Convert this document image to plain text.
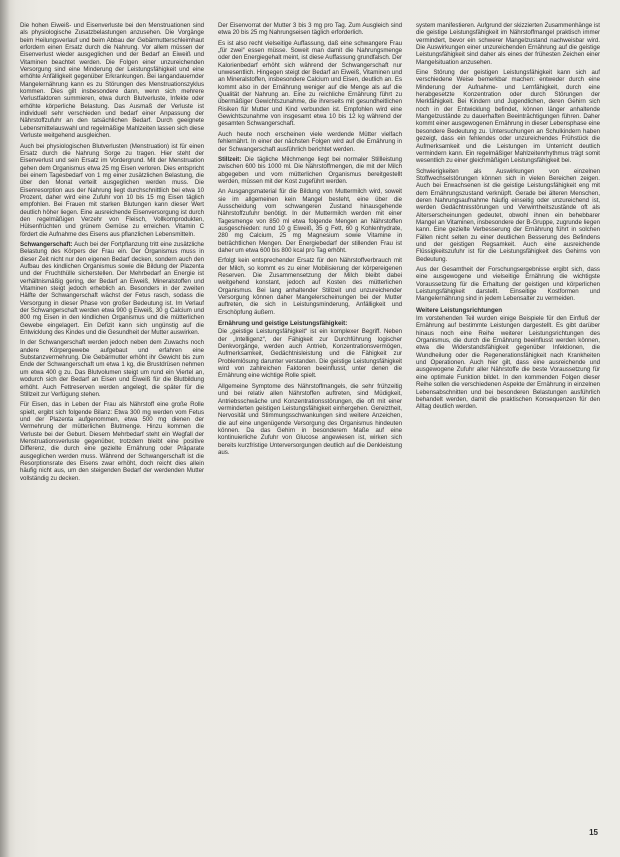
Die hohen Eiweiß- und Eisenverluste bei den Menstruationen sind als physiologische Zusatzbelastungen anzusehen. Die Vorgänge beim Heilungsverlauf und beim Abbau der Gebärmutterschleimhaut erfordern einen Ersatz durch die Nahrung. Vor allem müssen der Eisenverlust wieder ausgeglichen und der Bedarf an Eiweiß und Vitaminen beachtet werden. Die Folgen einer unzureichenden Versorgung sind eine Minderung der Leistungsfähigkeit und eine erhöhte Anfälligkeit gegenüber Erkrankungen. Bei langandauernder Mangelernährung kann es zu Störungen des Menstruationszyklus kommen. Dies gilt insbesondere dann, wenn sich mehrere Verlustfaktoren summieren, etwa durch Blutverluste, Infekte oder erhöhte körperliche Belastung. Das Ausmaß der Verluste ist individuell sehr verschieden und bedarf einer Anpassung der Nährstoffzufuhr an den tatsächlichen Bedarf. Durch geeignete Lebensmittelauswahl und regelmäßige Mahlzeiten lassen sich diese Verluste weitgehend ausgleichen.

Auch bei physiologischen Blutverlusten (Menstruation) ist für einen Ersatz durch die Nahrung Sorge zu tragen. Hier steht der Eisenverlust und sein Ersatz im Vordergrund. Mit der Menstruation gehen dem Organismus etwa 25 mg Eisen verloren. Dies entspricht bei einem Tagesbedarf von 1 mg einer zusätzlichen Belastung, die über den Monat verteilt ausgeglichen werden muss. Die Eisenresorption aus der Nahrung liegt durchschnittlich bei etwa 10 Prozent, daher wird eine Zufuhr von 10 bis 15 mg Eisen täglich empfohlen. Bei Frauen mit starken Blutungen kann dieser Wert deutlich höher liegen. Eine ausreichende Eisenversorgung ist durch den regelmäßigen Verzehr von Fleisch, Vollkornprodukten, Hülsenfrüchten und grünem Gemüse zu erreichen. Vitamin C fördert die Aufnahme des Eisens aus pflanzlichen Lebensmitteln.

Schwangerschaft: Auch bei der Fortpflanzung tritt eine zusätzliche Belastung des Körpers der Frau ein. Der Organismus muss in dieser Zeit nicht nur den eigenen Bedarf decken, sondern auch den Aufbau des kindlichen Organismus sowie die Bildung der Plazenta und der Fruchthülle sicherstellen. Der Mehrbedarf an Energie ist verhältnismäßig gering, der Bedarf an Eiweiß, Mineralstoffen und Vitaminen steigt jedoch erheblich an. Besonders in der zweiten Hälfte der Schwangerschaft wächst der Fetus rasch, sodass die Versorgung in dieser Phase von großer Bedeutung ist. Im Verlauf der Schwangerschaft werden etwa 900 g Eiweiß, 30 g Calcium und 800 mg Eisen in den kindlichen Organismus und die mütterlichen Gewebe eingelagert. Ein Defizit kann sich ungünstig auf die Entwicklung des Kindes und die Gesundheit der Mutter auswirken.

In der Schwangerschaft werden jedoch neben dem Zuwachs noch andere Körpergewebe aufgebaut und erfahren eine Substanzvermehrung. Die Gebärmutter erhöht ihr Gewicht bis zum Ende der Schwangerschaft um etwa 1 kg, die Brustdrüsen nehmen um etwa 400 g zu. Das Blutvolumen steigt um rund ein Viertel an, wodurch sich der Bedarf an Eisen und Eiweiß für die Blutbildung erhöht. Auch Fettreserven werden angelegt, die später für die Stillzeit zur Verfügung stehen.

Für Eisen, das in Leben der Frau als Nährstoff eine große Rolle spielt, ergibt sich folgende Bilanz: Etwa 300 mg werden vom Fetus und der Plazenta aufgenommen, etwa 500 mg dienen der Vermehrung der mütterlichen Blutmenge. Hinzu kommen die Verluste bei der Geburt. Diesem Mehrbedarf steht ein Wegfall der Menstruationsverluste gegenüber, trotzdem bleibt eine positive Differenz, die durch eine gezielte Ernährung oder Präparate ausgeglichen werden muss. Während der Schwangerschaft ist die Resorptionsrate des Eisens zwar erhöht, doch reicht dies allein häufig nicht aus, um den steigenden Bedarf der werdenden Mutter vollständig zu decken.

Der Eisenvorrat der Mutter 3 bis 3 mg pro Tag. Zum Ausgleich sind etwa 20 bis 25 mg Nahrungseisen täglich erforderlich.

Es ist also recht vielseitige Auffassung, daß eine schwangere Frau „für zwei“ essen müsse. Soweit man damit die Nahrungsmenge oder den Energiegehalt meint, ist diese Auffassung grundfalsch. Der Kalorienbedarf erhöht sich während der Schwangerschaft nur unwesentlich. Hingegen steigt der Bedarf an Eiweiß, Vitaminen und an Mineralstoffen, insbesondere Calcium und Eisen, deutlich an. Es kommt also in der Ernährung weniger auf die Menge als auf die Qualität der Nahrung an. Eine zu reichliche Ernährung führt zu übermäßiger Gewichtszunahme, die ihrerseits mit gesundheitlichen Risiken für Mutter und Kind verbunden ist. Empfohlen wird eine Gewichtszunahme von insgesamt etwa 10 bis 12 kg während der gesamten Schwangerschaft.

Auch heute noch erscheinen viele werdende Mütter vielfach fehlernährt. In einer der nächsten Folgen wird auf die Ernährung in der Schwangerschaft ausführlich berichtet werden.

Stillzeit: Die tägliche Milchmenge liegt bei normaler Stillleistung zwischen 600 bis 1000 ml. Die Nährstoffmengen, die mit der Milch abgegeben und vom mütterlichen Organismus bereitgestellt werden, müssen mit der Kost zugeführt werden.

An Ausgangsmaterial für die Bildung von Muttermilch wird, soweit sie im allgemeinen kein Mangel besteht, eine über die Ausscheidung vom schwangeren Zustand hinausgehende Nährstoffzufuhr benötigt. In der Muttermilch werden mit einer Tagesmenge von 850 ml etwa folgende Mengen an Nährstoffen ausgeschieden: rund 10 g Eiweiß, 35 g Fett, 60 g Kohlenhydrate, 280 mg Calcium, 25 mg Magnesium sowie Vitamine in beträchtlichen Mengen. Der Energiebedarf der stillenden Frau ist daher um etwa 600 bis 800 kcal pro Tag erhöht.

Erfolgt kein entsprechender Ersatz für den Nährstoffverbrauch mit der Milch, so kommt es zu einer Mobilisierung der körpereigenen Reserven. Die Zusammensetzung der Milch bleibt dabei weitgehend konstant, jedoch auf Kosten des mütterlichen Organismus. Bei lang anhaltender Stillzeit und unzureichender Versorgung können daher Mangelerscheinungen bei der Mutter auftreten, die sich in Leistungsminderung, Anfälligkeit und Erschöpfung äußern.

Ernährung und geistige Leistungsfähigkeit:

Die „geistige Leistungsfähigkeit“ ist ein komplexer Begriff. Neben der „Intelligenz“, der Fähigkeit zur Durchführung logischer Denkvorgänge, werden auch Antrieb, Konzentrationsvermögen, Aufmerksamkeit, Gedächtnisleistung und die Fähigkeit zur Problemlösung darunter verstanden. Die geistige Leistungsfähigkeit wird von zahlreichen Faktoren beeinflusst, unter denen die Ernährung eine wichtige Rolle spielt.

Allgemeine Symptome des Nährstoffmangels, die sehr frühzeitig und bei relativ allen Nährstoffen auftreten, sind Müdigkeit, Antriebsschwäche und Konzentrationsstörungen, die oft mit einer verminderten geistigen Leistungsfähigkeit einhergehen. Gereiztheit, Nervosität und Stimmungsschwankungen sind weitere Anzeichen, die auf eine ungenügende Versorgung des Organismus hindeuten können. Da das Gehirn in besonderem Maße auf eine kontinuierliche Zufuhr von Glucose angewiesen ist, wirken sich bereits kurzfristige Unterversorgungen deutlich auf die Denkleistung aus.

system manifestieren. Aufgrund der skizzierten Zusammenhänge ist die geistige Leistungsfähigkeit im Nährstoffmangel praktisch immer vermindert, bevor ein schwerer Mangelzustand nachweisbar wird. Die Auswirkungen einer unzureichenden Ernährung auf die geistige Leistungsfähigkeit sind daher als eines der frühesten Zeichen einer Mangelsituation anzusehen.

Eine Störung der geistigen Leistungsfähigkeit kann sich auf verschiedene Weise bemerkbar machen: entweder durch eine Minderung der Aufnahme- und Lernfähigkeit, durch eine herabgesetzte Konzentration oder durch Störungen der Merkfähigkeit. Bei Kindern und Jugendlichen, deren Gehirn sich noch in der Entwicklung befindet, können länger anhaltende Mangelzustände zu dauerhaften Beeinträchtigungen führen. Daher kommt einer ausgewogenen Ernährung in dieser Lebensphase eine besondere Bedeutung zu. Untersuchungen an Schulkindern haben gezeigt, dass ein fehlendes oder unzureichendes Frühstück die Aufmerksamkeit und die Leistungen im Unterricht deutlich vermindern kann. Ein regelmäßiger Mahlzeitenrhythmus trägt somit wesentlich zu einer gleichmäßigen Leistungsfähigkeit bei.

Schwierigkeiten als Auswirkungen von einzelnen Stoffwechselstörungen können sich in vielen Bereichen zeigen. Auch bei Erwachsenen ist die geistige Leistungsfähigkeit eng mit dem Ernährungszustand verknüpft. Gerade bei älteren Menschen, deren Nahrungsaufnahme häufig einseitig oder unzureichend ist, werden Gedächtnisstörungen und Verwirrtheitszustände oft als Alterserscheinungen gedeutet, obwohl ihnen ein behebbarer Mangel an Vitaminen, insbesondere der B-Gruppe, zugrunde liegen kann. Eine gezielte Verbesserung der Ernährung führt in solchen Fällen nicht selten zu einer deutlichen Besserung des Befindens und der geistigen Regsamkeit. Auch eine ausreichende Flüssigkeitszufuhr ist für die Leistungsfähigkeit des Gehirns von Bedeutung.

Aus der Gesamtheit der Forschungsergebnisse ergibt sich, dass eine ausgewogene und vielseitige Ernährung die wichtigste Voraussetzung für die Erhaltung der geistigen und körperlichen Leistungsfähigkeit darstellt. Einseitige Kostformen und Mangelernährung sind in jedem Lebensalter zu vermeiden.

Weitere Leistungsrichtungen

Im vorstehenden Teil wurden einige Beispiele für den Einfluß der Ernährung auf bestimmte Leistungen dargestellt. Es gibt darüber hinaus noch eine Reihe weiterer Leistungsrichtungen des Organismus, die durch die Ernährung beeinflusst werden können, etwa die Widerstandsfähigkeit gegenüber Infektionen, die Wundheilung oder die Regenerationsfähigkeit nach Krankheiten und Operationen. Auch hier gilt, dass eine ausreichende und ausgewogene Zufuhr aller Nährstoffe die beste Voraussetzung für eine optimale Funktion bildet. In den kommenden Folgen dieser Reihe sollen die verschiedenen Aspekte der Ernährung in einzelnen Lebensabschnitten und bei besonderen Belastungen ausführlich behandelt werden, damit die praktischen Konsequenzen für den Alltag deutlich werden.

15
